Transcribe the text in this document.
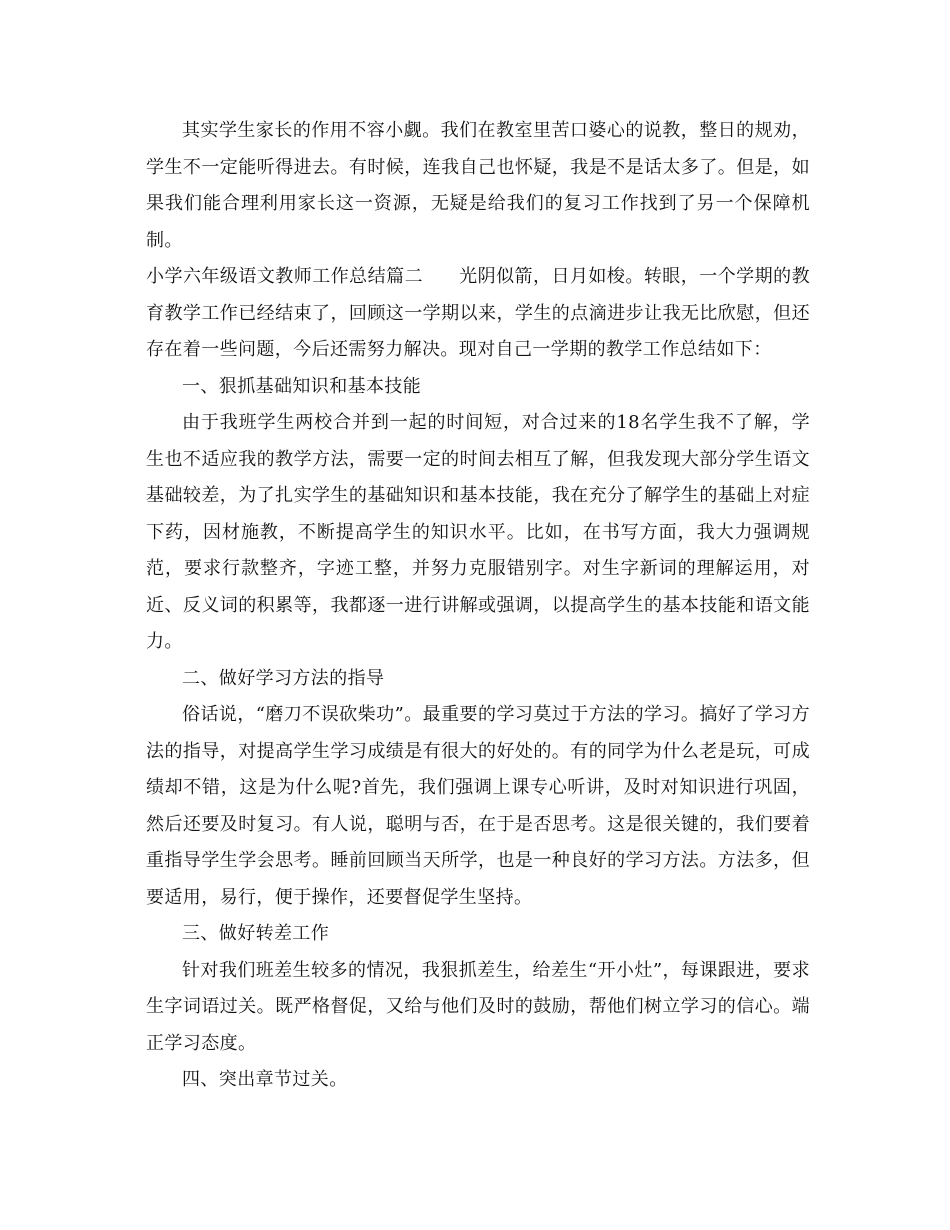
其实学生家长的作用不容小觑。我们在教室里苦口婆心的说教，整日的规劝，学生不一定能听得进去。有时候，连我自己也怀疑，我是不是话太多了。但是，如果我们能合理利用家长这一资源，无疑是给我们的复习工作找到了另一个保障机制。

小学六年级语文教师工作总结篇二 光阴似箭，日月如梭。转眼，一个学期的教育教学工作已经结束了，回顾这一学期以来，学生的点滴进步让我无比欣慰，但还存在着一些问题，今后还需努力解决。现对自己一学期的教学工作总结如下：

一、狠抓基础知识和基本技能

由于我班学生两校合并到一起的时间短，对合过来的18名学生我不了解，学生也不适应我的教学方法，需要一定的时间去相互了解，但我发现大部分学生语文基础较差，为了扎实学生的基础知识和基本技能，我在充分了解学生的基础上对症下药，因材施教，不断提高学生的知识水平。比如，在书写方面，我大力强调规范，要求行款整齐，字迹工整，并努力克服错别字。对生字新词的理解运用，对近、反义词的积累等，我都逐一进行讲解或强调，以提高学生的基本技能和语文能力。

二、做好学习方法的指导

俗话说，“磨刀不误砍柴功”。最重要的学习莫过于方法的学习。搞好了学习方法的指导，对提高学生学习成绩是有很大的好处的。有的同学为什么老是玩，可成绩却不错，这是为什么呢?首先，我们强调上课专心听讲，及时对知识进行巩固，然后还要及时复习。有人说，聪明与否，在于是否思考。这是很关键的，我们要着重指导学生学会思考。睡前回顾当天所学，也是一种良好的学习方法。方法多，但要适用，易行，便于操作，还要督促学生坚持。

三、做好转差工作

针对我们班差生较多的情况，我狠抓差生，给差生“开小灶”，每课跟进，要求生字词语过关。既严格督促，又给与他们及时的鼓励，帮他们树立学习的信心。端正学习态度。

四、突出章节过关。
